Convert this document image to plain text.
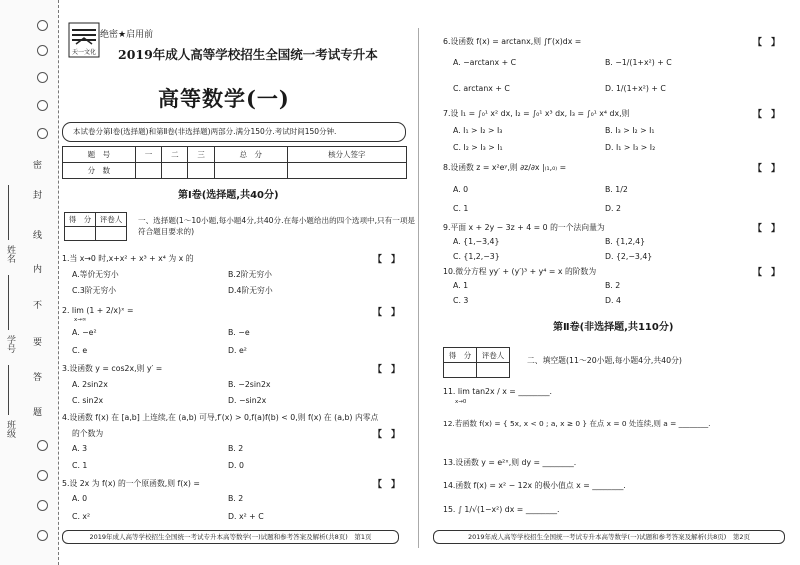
密
封
线
内
不
要
答
题
姓名
学号
班级
天一文化
绝密★启用前
2019年成人高等学校招生全国统一考试专升本
高等数学(一)
本试卷分第Ⅰ卷(选择题)和第Ⅱ卷(非选择题)两部分.满分150分.考试时间150分钟.
题　号	一	二	三	总　分	核分人签字
分　数					
第Ⅰ卷(选择题,共40分)
得　分	评卷人
	一、选择题(1～10小题,每小题4分,共40分.在每小题给出的四个选项中,只有一项是符合题目要求的)
1.当 x→0 时,x+x² + x³ + x⁴ 为 x 的	【　】
A.等价无穷小	B.2阶无穷小
C.3阶无穷小	D.4阶无穷小
2. lim (1 + 2/x)ˣ =
x→∞
【　】
A. −e²	B. −e
C. e	D. e²
3.设函数 y = cos2x,则 y′ =	【　】
A. 2sin2x	B. −2sin2x
C. sin2x	D. −sin2x
4.设函数 f(x) 在 [a,b] 上连续,在 (a,b) 可导,f′(x) > 0,f(a)f(b) < 0,则 f(x) 在 (a,b) 内零点
的个数为	【　】
A. 3	B. 2
C. 1	D. 0
5.设 2x 为 f(x) 的一个原函数,则 f(x) =	【　】
A. 0	B. 2
C. x²	D. x² + C
2019年成人高等学校招生全国统一考试专升本高等数学(一)试题和参考答案及解析(共8页)　第1页
6.设函数 f(x) = arctanx,则 ∫f′(x)dx =	【　】
A. −arctanx + C	B. −1/(1+x²) + C
C. arctanx + C	D. 1/(1+x²) + C
7.设 I₁ = ∫₀¹ x² dx, I₂ = ∫₀¹ x³ dx, I₃ = ∫₀¹ x⁴ dx,则	【　】
A. I₁ > I₂ > I₃	B. I₃ > I₂ > I₁
C. I₂ > I₃ > I₁	D. I₁ > I₃ > I₂
8.设函数 z = x²eʸ,则 ∂z/∂x |₍₁,₀₎ =	【　】
A. 0	B. 1/2
C. 1	D. 2
9.平面 x + 2y − 3z + 4 = 0 的一个法向量为	【　】
A. {1,−3,4}	B. {1,2,4}
C. {1,2,−3}	D. {2,−3,4}
10.微分方程 yy′ + (y′)³ + y⁴ = x 的阶数为	【　】
A. 1	B. 2
C. 3	D. 4
第Ⅱ卷(非选择题,共110分)
得　分	评卷人

二、填空题(11～20小题,每小题4分,共40分)
11. lim tan2x / x = ________.
x→0
12.若函数 f(x) = { 5x, x < 0 ; a, x ≥ 0 } 在点 x = 0 处连续,则 a = ________.
13.设函数 y = e²ˣ,则 dy = ________.
14.函数 f(x) = x² − 12x 的极小值点 x = ________.
15. ∫ 1/√(1−x²) dx = ________.
2019年成人高等学校招生全国统一考试专升本高等数学(一)试题和参考答案及解析(共8页)　第2页
